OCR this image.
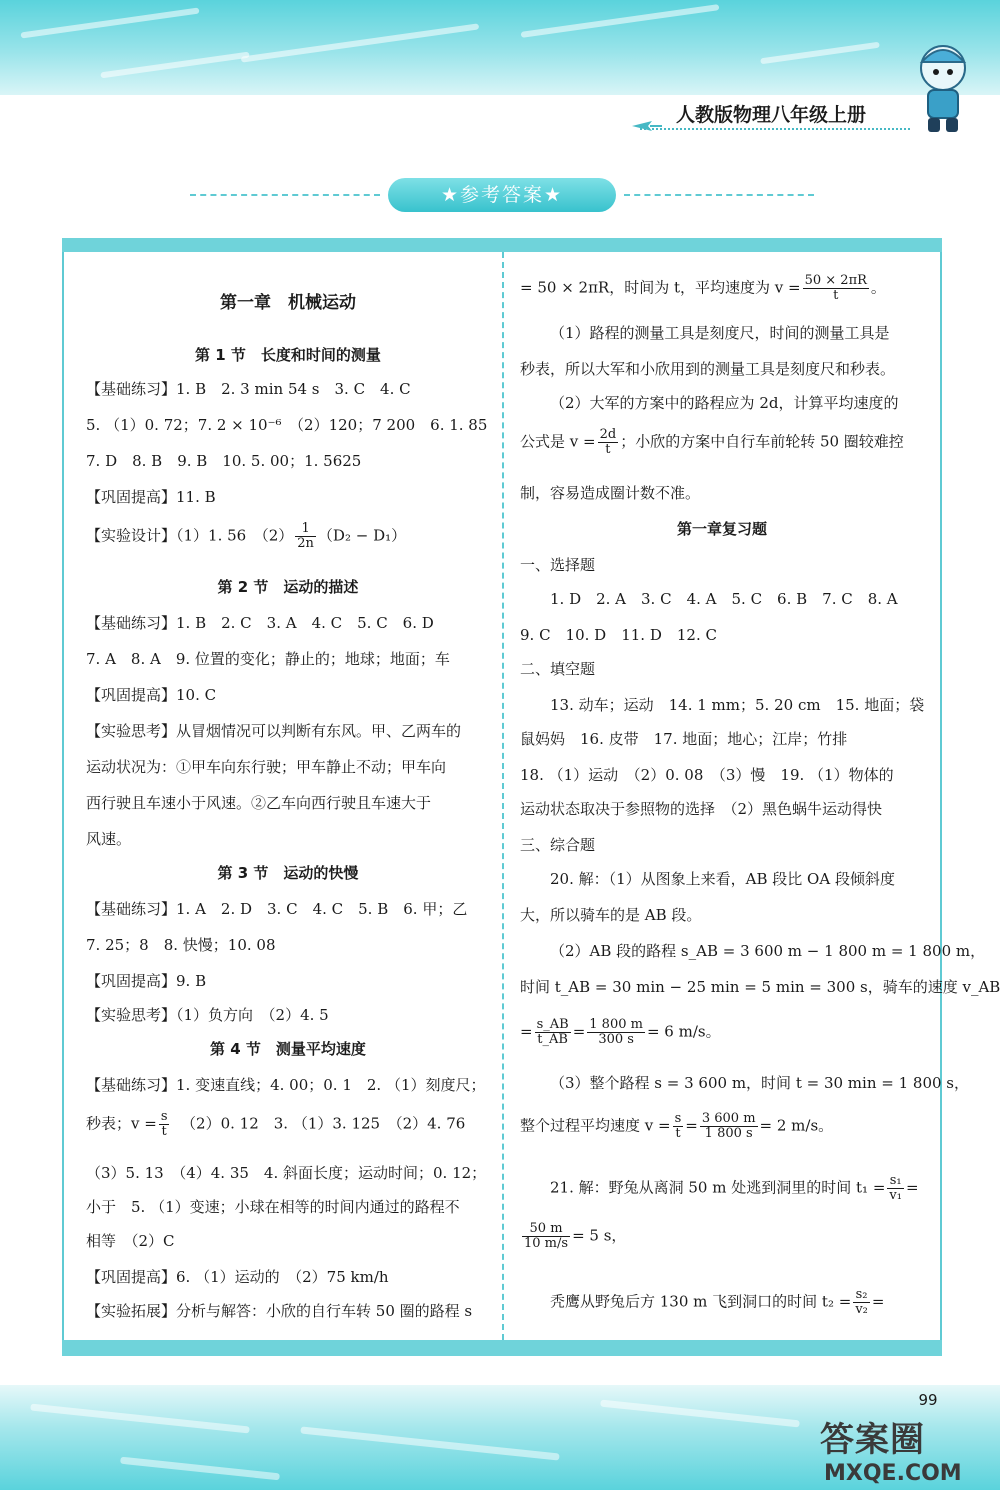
人教版物理八年级上册
★参考答案★
第一章　机械运动
第 1 节　长度和时间的测量
【基础练习】1. B　2. 3 min 54 s　3. C　4. C
5. （1）0. 72；7. 2 × 10⁻⁶　（2）120；7 200　6. 1. 85
7. D　8. B　9. B　10. 5. 00；1. 5625
【巩固提高】11. B
【实验设计】（1）1. 56　$(2) \frac{1}{2n} (D_2 - D_1)$
第 2 节　运动的描述
【基础练习】1. B　2. C　3. A　4. C　5. C　6. D
7. A　8. A　9. 位置的变化；静止的；地球；地面；车
【巩固提高】10. C
【实验思考】从冒烟情况可以判断有东风。甲、乙两车的
运动状况为：①甲车向东行驶；甲车静止不动；甲车向
西行驶且车速小于风速。②乙车向西行驶且车速大于
风速。
第 3 节　运动的快慢
【基础练习】1. A　2. D　3. C　4. C　5. B　6. 甲；乙
7. 25；8　8. 快慢；10. 08
【巩固提高】9. B
【实验思考】（1）负方向　（2）4. 5
第 4 节　测量平均速度
【基础练习】1. 变速直线；4. 00；0. 1　2. （1）刻度尺；
秒表；$v = \frac{s}{t} (2)0$. 12　3. （1）3. 125　（2）4. 76
（3）5. 13　（4）4. 35　4. 斜面长度；运动时间；0. 12；
小于　5. （1）变速；小球在相等的时间内通过的路程不
相等　（2）C
【巩固提高】6. （1）运动的　（2）75 km/h
【实验拓展】分析与解答：小欣的自行车转 50 圈的路程 s
= 50 × 2πR，时间为 t，平均速度为 $v = \frac{50 \times 2\pi R}{t}$ 。
（1）路程的测量工具是刻度尺，时间的测量工具是
秒表，所以大军和小欣用到的测量工具是刻度尺和秒表。
（2）大军的方案中的路程应为 2d，计算平均速度的
公式是 $v = \frac{2d}{t}$ ；小欣的方案中自行车前轮转 50 圈较难控
制，容易造成圈计数不准。
第一章复习题
一、选择题
1. D　2. A　3. C　4. A　5. C　6. B　7. C　8. A
9. C　10. D　11. D　12. C
二、填空题
13. 动车；运动　14. 1 mm；5. 20 cm　15. 地面；袋
鼠妈妈　16. 皮带　17. 地面；地心；江岸；竹排
18. （1）运动　（2）0. 08　（3）慢　19. （1）物体的
运动状态取决于参照物的选择　（2）黑色蜗牛运动得快
三、综合题
20. 解：（1）从图象上来看，AB 段比 OA 段倾斜度
大，所以骑车的是 AB 段。
（2）AB 段的路程 s_AB = 3 600 m − 1 800 m = 1 800 m，
时间 t_AB = 30 min − 25 min = 5 min = 300 s，骑车的速度 v_AB
= $\frac{s\_AB}{t\_AB} = \frac{1 800 m}{300 s} = 6$ m/s。
（3）整个路程 s = 3 600 m，时间 t = 30 min = 1 800 s，
整个过程平均速度 $v = \frac{s}{t} = \frac{3 600 m}{1 800 s} = 2$ m/s。
21. 解：野兔从离洞 50 m 处逃到洞里的时间 $t_1 = \frac{\text{s₁}}{\text{v₁}}$ =
$\frac{50 m}{10 m/s} = 5$ s，
秃鹰从野兔后方 130 m 飞到洞口的时间 $t_2 = \frac{\text{s₂}}{\text{v₂}}$ =
99
答案圈
MXQE.COM
